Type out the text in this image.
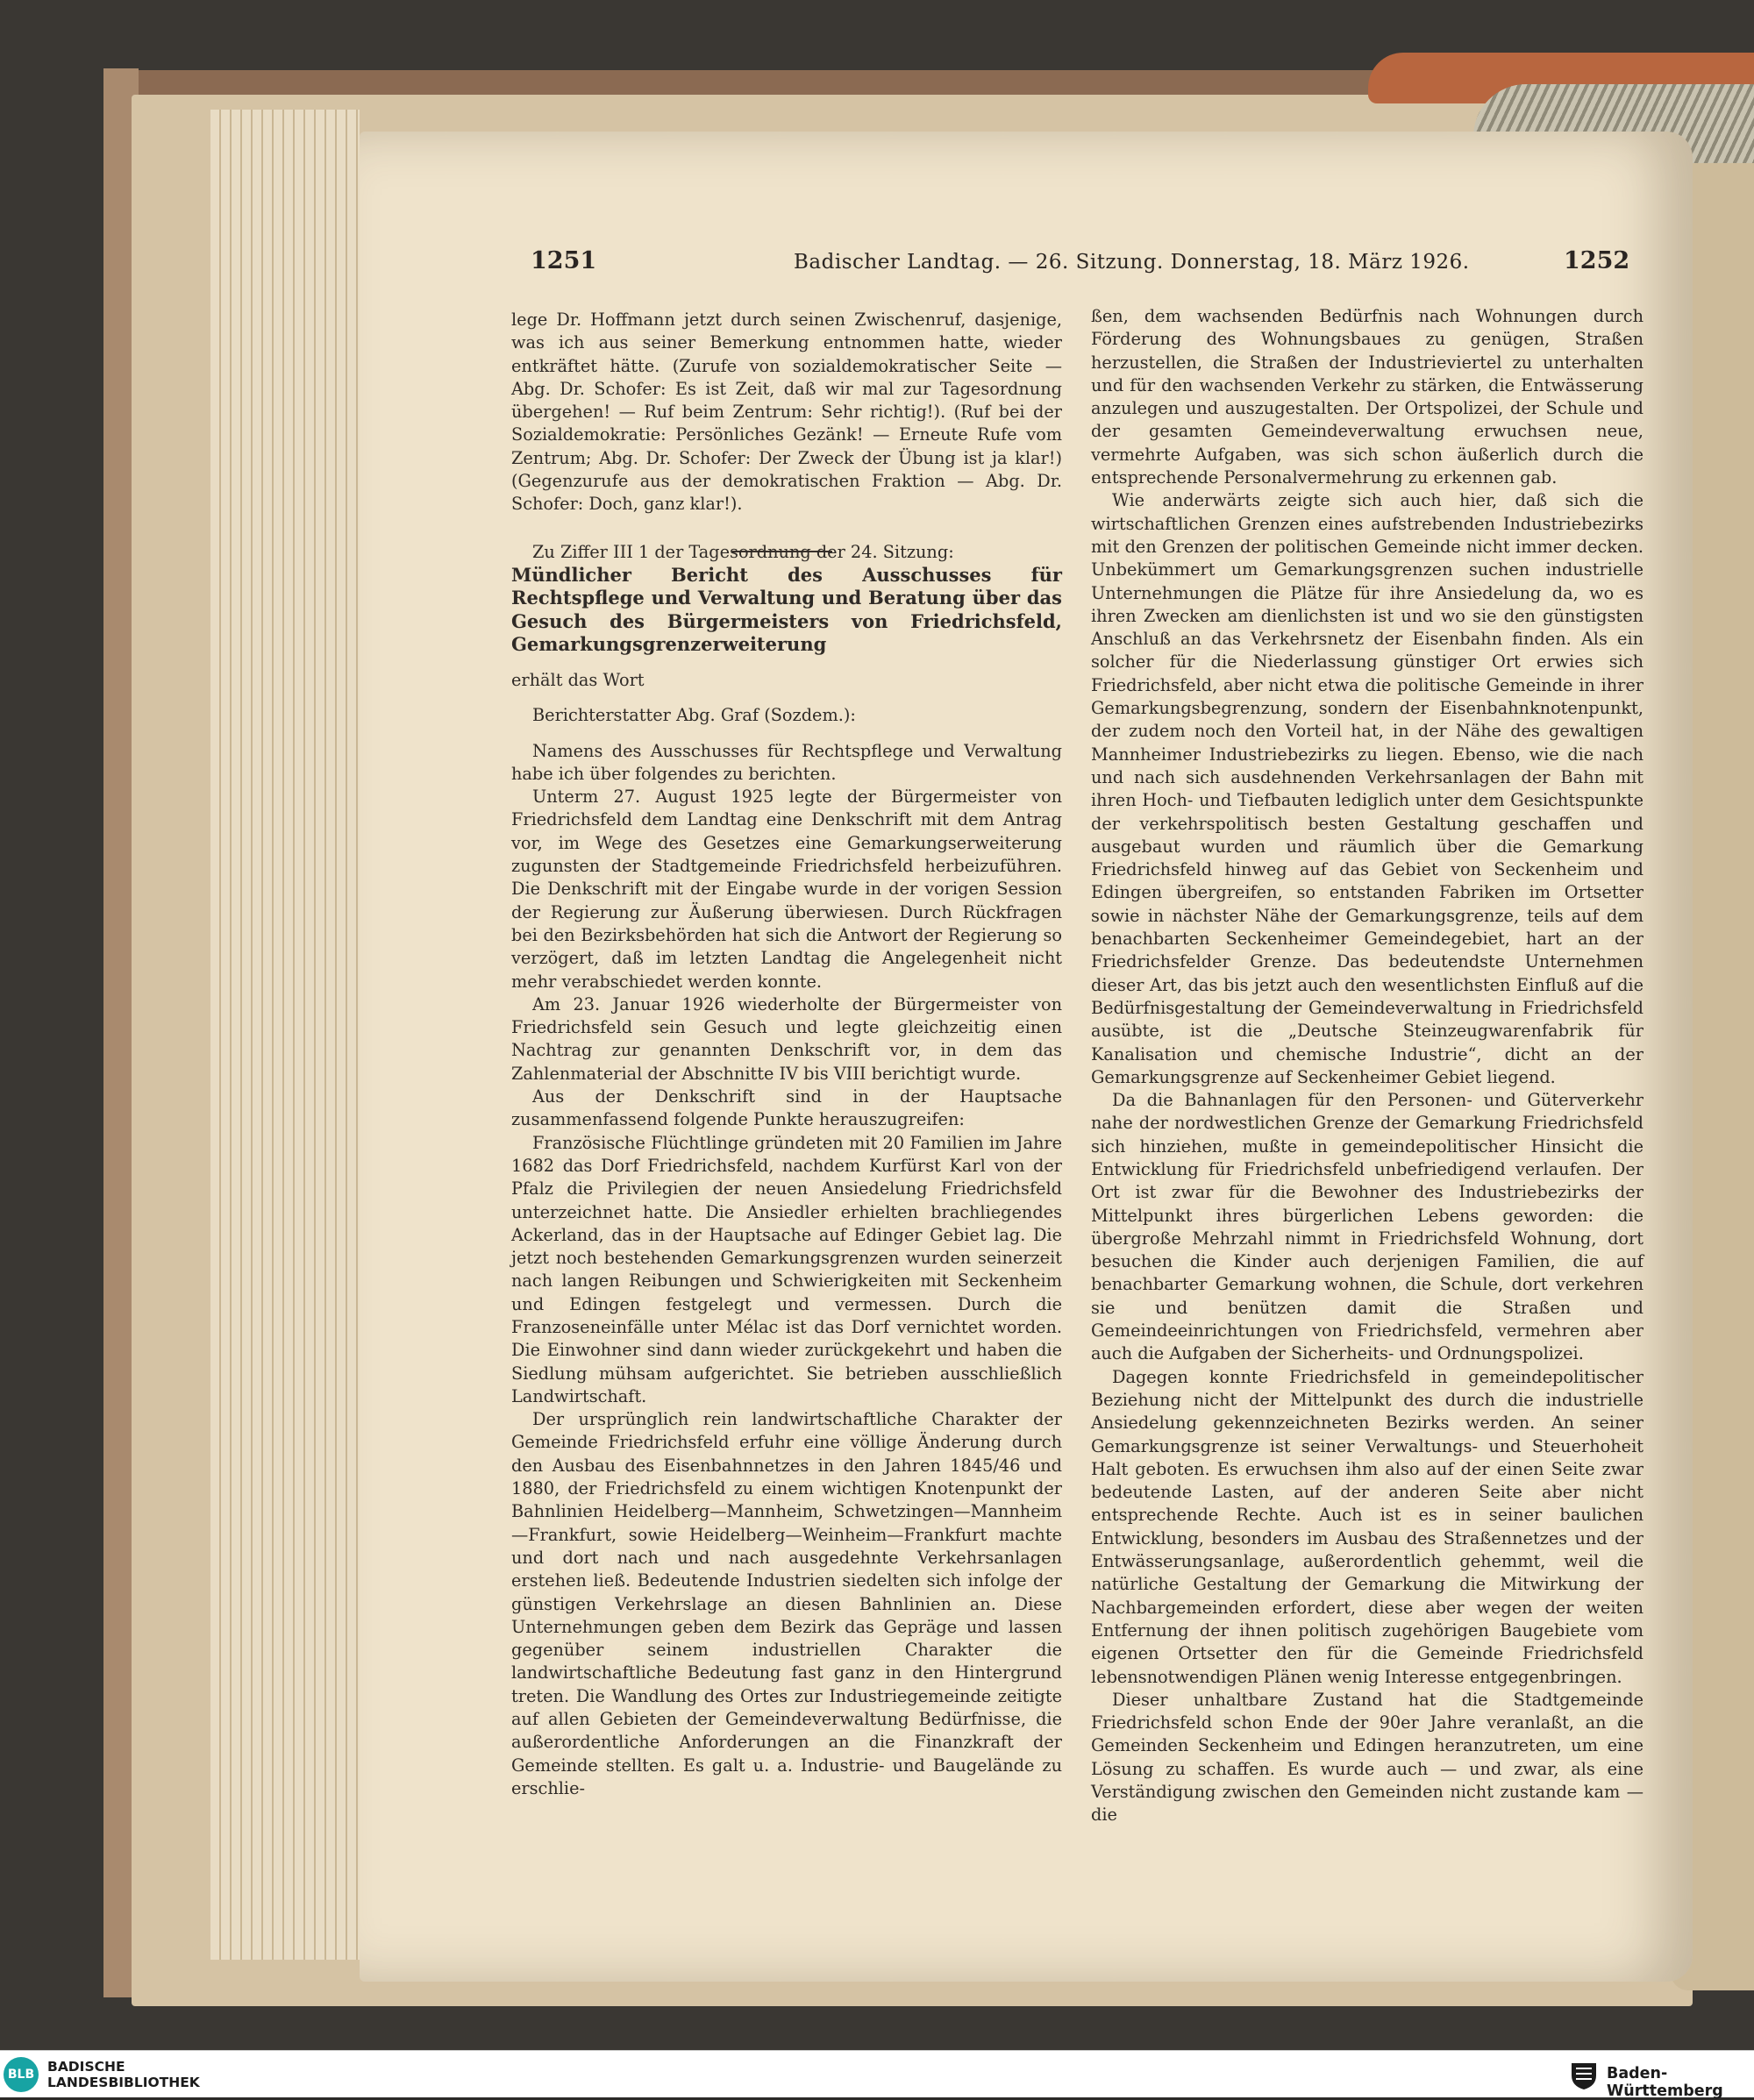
1251	Badischer Landtag. — 26. Sitzung. Donnerstag, 18. März 1926.	1252

lege Dr. Hoffmann jetzt durch seinen Zwischenruf, dasjenige, was ich aus seiner Bemerkung entnommen hatte, wieder entkräftet hätte. (Zurufe von sozialdemokratischer Seite — Abg. Dr. Schofer: Es ist Zeit, daß wir mal zur Tagesordnung übergehen! — Ruf beim Zentrum: Sehr richtig!). (Ruf bei der Sozialdemokratie: Persönliches Gezänk! — Erneute Rufe vom Zentrum; Abg. Dr. Schofer: Der Zweck der Übung ist ja klar!) (Gegenzurufe aus der demokratischen Fraktion — Abg. Dr. Schofer: Doch, ganz klar!).

Zu Ziffer III 1 der Tagesordnung der 24. Sitzung:

Mündlicher Bericht des Ausschusses für Rechtspflege und Verwaltung und Beratung über das Gesuch des Bürgermeisters von Friedrichsfeld, Gemarkungsgrenzerweiterung

erhält das Wort

Berichterstatter Abg. Graf (Sozdem.):

Namens des Ausschusses für Rechtspflege und Verwaltung habe ich über folgendes zu berichten.

Unterm 27. August 1925 legte der Bürgermeister von Friedrichsfeld dem Landtag eine Denkschrift mit dem Antrag vor, im Wege des Gesetzes eine Gemarkungserweiterung zugunsten der Stadtgemeinde Friedrichsfeld herbeizuführen. Die Denkschrift mit der Eingabe wurde in der vorigen Session der Regierung zur Äußerung überwiesen. Durch Rückfragen bei den Bezirksbehörden hat sich die Antwort der Regierung so verzögert, daß im letzten Landtag die Angelegenheit nicht mehr verabschiedet werden konnte.

Am 23. Januar 1926 wiederholte der Bürgermeister von Friedrichsfeld sein Gesuch und legte gleichzeitig einen Nachtrag zur genannten Denkschrift vor, in dem das Zahlenmaterial der Abschnitte IV bis VIII berichtigt wurde.

Aus der Denkschrift sind in der Hauptsache zusammenfassend folgende Punkte herauszugreifen:

Französische Flüchtlinge gründeten mit 20 Familien im Jahre 1682 das Dorf Friedrichsfeld, nachdem Kurfürst Karl von der Pfalz die Privilegien der neuen Ansiedelung Friedrichsfeld unterzeichnet hatte. Die Ansiedler erhielten brachliegendes Ackerland, das in der Hauptsache auf Edinger Gebiet lag. Die jetzt noch bestehenden Gemarkungsgrenzen wurden seinerzeit nach langen Reibungen und Schwierigkeiten mit Seckenheim und Edingen festgelegt und vermessen. Durch die Franzoseneinfälle unter Mélac ist das Dorf vernichtet worden. Die Einwohner sind dann wieder zurückgekehrt und haben die Siedlung mühsam aufgerichtet. Sie betrieben ausschließlich Landwirtschaft.

Der ursprünglich rein landwirtschaftliche Charakter der Gemeinde Friedrichsfeld erfuhr eine völlige Änderung durch den Ausbau des Eisenbahnnetzes in den Jahren 1845/46 und 1880, der Friedrichsfeld zu einem wichtigen Knotenpunkt der Bahnlinien Heidelberg—Mannheim, Schwetzingen—Mannheim —Frankfurt, sowie Heidelberg—Weinheim—Frankfurt machte und dort nach und nach ausgedehnte Verkehrsanlagen erstehen ließ. Bedeutende Industrien siedelten sich infolge der günstigen Verkehrslage an diesen Bahnlinien an. Diese Unternehmungen geben dem Bezirk das Gepräge und lassen gegenüber seinem industriellen Charakter die landwirtschaftliche Bedeutung fast ganz in den Hintergrund treten. Die Wandlung des Ortes zur Industriegemeinde zeitigte auf allen Gebieten der Gemeindeverwaltung Bedürfnisse, die außerordentliche Anforderungen an die Finanzkraft der Gemeinde stellten. Es galt u. a. Industrie- und Baugelände zu erschlie-

ßen, dem wachsenden Bedürfnis nach Wohnungen durch Förderung des Wohnungsbaues zu genügen, Straßen herzustellen, die Straßen der Industrieviertel zu unterhalten und für den wachsenden Verkehr zu stärken, die Entwässerung anzulegen und auszugestalten. Der Ortspolizei, der Schule und der gesamten Gemeindeverwaltung erwuchsen neue, vermehrte Aufgaben, was sich schon äußerlich durch die entsprechende Personalvermehrung zu erkennen gab.

Wie anderwärts zeigte sich auch hier, daß sich die wirtschaftlichen Grenzen eines aufstrebenden Industriebezirks mit den Grenzen der politischen Gemeinde nicht immer decken. Unbekümmert um Gemarkungsgrenzen suchen industrielle Unternehmungen die Plätze für ihre Ansiedelung da, wo es ihren Zwecken am dienlichsten ist und wo sie den günstigsten Anschluß an das Verkehrsnetz der Eisenbahn finden. Als ein solcher für die Niederlassung günstiger Ort erwies sich Friedrichsfeld, aber nicht etwa die politische Gemeinde in ihrer Gemarkungsbegrenzung, sondern der Eisenbahnknotenpunkt, der zudem noch den Vorteil hat, in der Nähe des gewaltigen Mannheimer Industriebezirks zu liegen. Ebenso, wie die nach und nach sich ausdehnenden Verkehrsanlagen der Bahn mit ihren Hoch- und Tiefbauten lediglich unter dem Gesichtspunkte der verkehrspolitisch besten Gestaltung geschaffen und ausgebaut wurden und räumlich über die Gemarkung Friedrichsfeld hinweg auf das Gebiet von Seckenheim und Edingen übergreifen, so entstanden Fabriken im Ortsetter sowie in nächster Nähe der Gemarkungsgrenze, teils auf dem benachbarten Seckenheimer Gemeindegebiet, hart an der Friedrichsfelder Grenze. Das bedeutendste Unternehmen dieser Art, das bis jetzt auch den wesentlichsten Einfluß auf die Bedürfnisgestaltung der Gemeindeverwaltung in Friedrichsfeld ausübte, ist die „Deutsche Steinzeugwarenfabrik für Kanalisation und chemische Industrie“, dicht an der Gemarkungsgrenze auf Seckenheimer Gebiet liegend.

Da die Bahnanlagen für den Personen- und Güterverkehr nahe der nordwestlichen Grenze der Gemarkung Friedrichsfeld sich hinziehen, mußte in gemeindepolitischer Hinsicht die Entwicklung für Friedrichsfeld unbefriedigend verlaufen. Der Ort ist zwar für die Bewohner des Industriebezirks der Mittelpunkt ihres bürgerlichen Lebens geworden: die übergroße Mehrzahl nimmt in Friedrichsfeld Wohnung, dort besuchen die Kinder auch derjenigen Familien, die auf benachbarter Gemarkung wohnen, die Schule, dort verkehren sie und benützen damit die Straßen und Gemeindeeinrichtungen von Friedrichsfeld, vermehren aber auch die Aufgaben der Sicherheits- und Ordnungspolizei.

Dagegen konnte Friedrichsfeld in gemeindepolitischer Beziehung nicht der Mittelpunkt des durch die industrielle Ansiedelung gekennzeichneten Bezirks werden. An seiner Gemarkungsgrenze ist seiner Verwaltungs- und Steuerhoheit Halt geboten. Es erwuchsen ihm also auf der einen Seite zwar bedeutende Lasten, auf der anderen Seite aber nicht entsprechende Rechte. Auch ist es in seiner baulichen Entwicklung, besonders im Ausbau des Straßennetzes und der Entwässerungsanlage, außerordentlich gehemmt, weil die natürliche Gestaltung der Gemarkung die Mitwirkung der Nachbargemeinden erfordert, diese aber wegen der weiten Entfernung der ihnen politisch zugehörigen Baugebiete vom eigenen Ortsetter den für die Gemeinde Friedrichsfeld lebensnotwendigen Plänen wenig Interesse entgegenbringen.

Dieser unhaltbare Zustand hat die Stadtgemeinde Friedrichsfeld schon Ende der 90er Jahre veranlaßt, an die Gemeinden Seckenheim und Edingen heranzutreten, um eine Lösung zu schaffen. Es wurde auch — und zwar, als eine Verständigung zwischen den Gemeinden nicht zustande kam — die

BLB BADISCHE
LANDESBIBLIOTHEK	Baden-Württemberg
